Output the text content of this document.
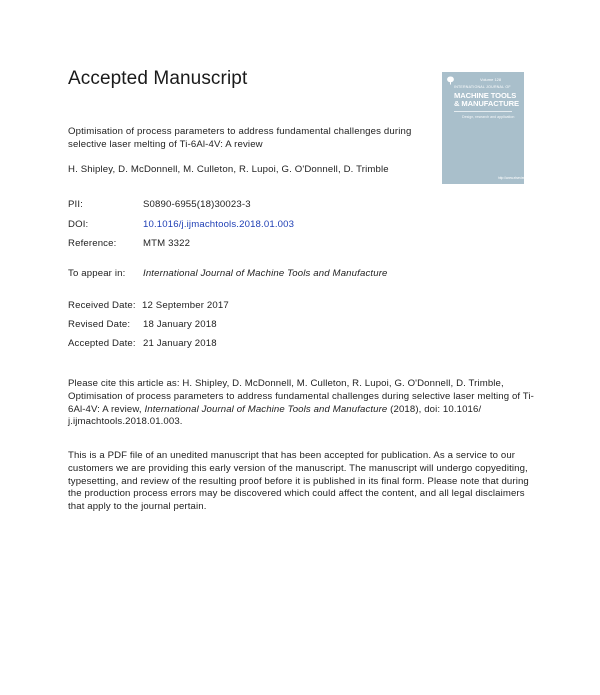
Accepted Manuscript

Optimisation of process parameters to address fundamental challenges during selective laser melting of Ti-6Al-4V: A review

H. Shipley, D. McDonnell, M. Culleton, R. Lupoi, G. O'Donnell, D. Trimble
Volume 128
INTERNATIONAL JOURNAL OF
MACHINE TOOLS & MANUFACTURE
Design, research and application
http://www.elsevier.com
PII:	S0890-6955(18)30023-3
DOI:	10.1016/j.ijmachtools.2018.01.003
Reference:	MTM 3322
To appear in: International Journal of Machine Tools and Manufacture
Received Date: 12 September 2017
Revised Date: 18 January 2018
Accepted Date: 21 January 2018

Please cite this article as: H. Shipley, D. McDonnell, M. Culleton, R. Lupoi, G. O'Donnell, D. Trimble, Optimisation of process parameters to address fundamental challenges during selective laser melting of Ti-6Al-4V: A review, International Journal of Machine Tools and Manufacture (2018), doi: 10.1016/ j.ijmachtools.2018.01.003.

This is a PDF file of an unedited manuscript that has been accepted for publication. As a service to our customers we are providing this early version of the manuscript. The manuscript will undergo copyediting, typesetting, and review of the resulting proof before it is published in its final form. Please note that during the production process errors may be discovered which could affect the content, and all legal disclaimers that apply to the journal pertain.
